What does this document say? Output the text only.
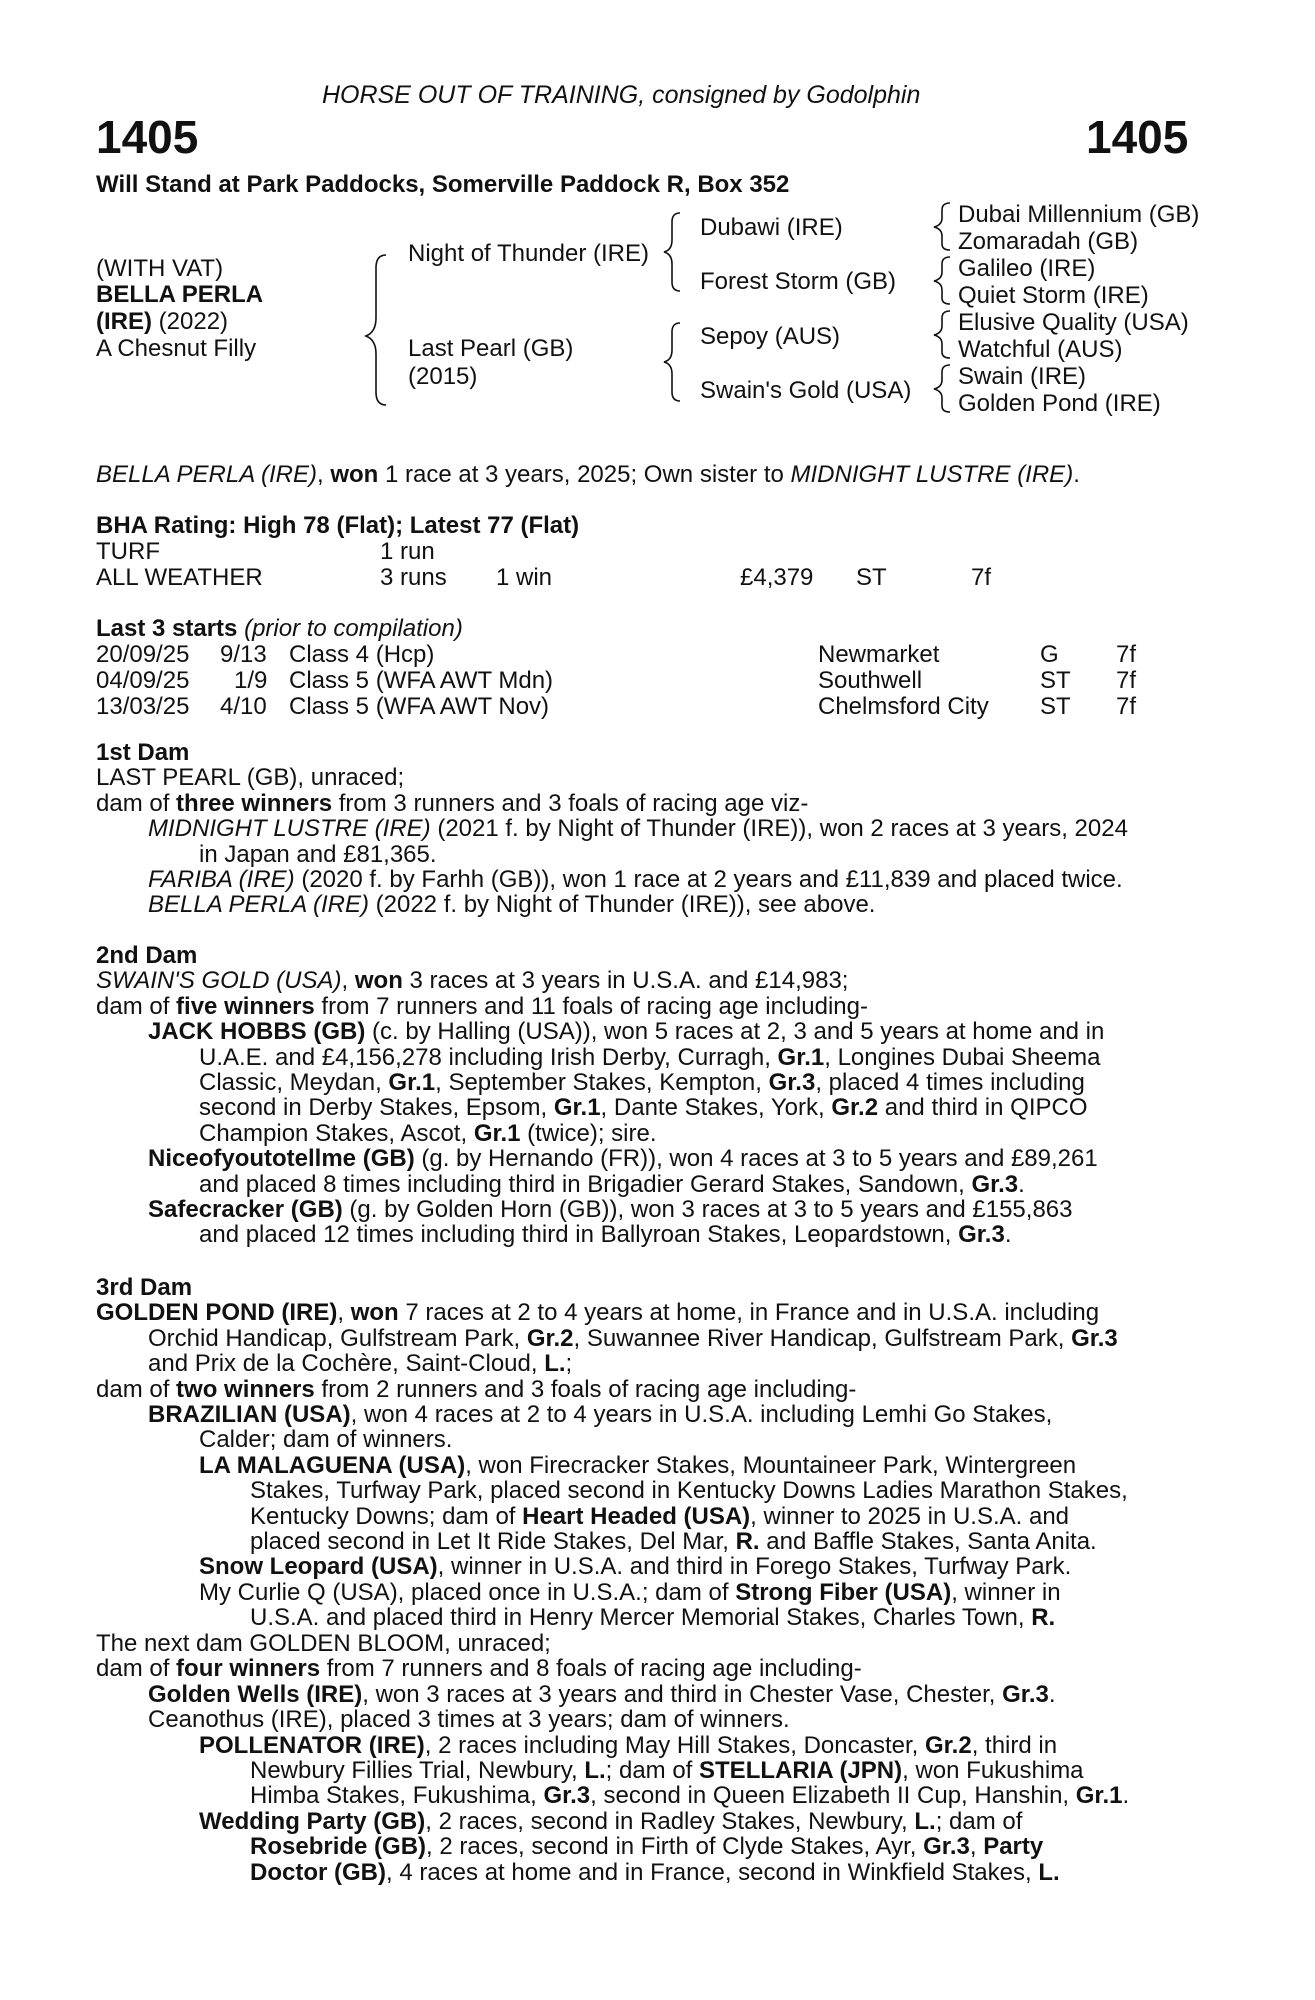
HORSE OUT OF TRAINING, consigned by Godolphin
1405	1405
Will Stand at Park Paddocks, Somerville Paddock R, Box 352
(WITH VAT)
BELLA PERLA
(IRE) (2022)
A Chesnut Filly
Night of Thunder (IRE)
Last Pearl (GB)
(2015)
Dubawi (IRE)
Forest Storm (GB)
Sepoy (AUS)
Swain's Gold (USA)
Dubai Millennium (GB)
Zomaradah (GB)
Galileo (IRE)
Quiet Storm (IRE)
Elusive Quality (USA)
Watchful (AUS)
Swain (IRE)
Golden Pond (IRE)
BELLA PERLA (IRE), won 1 race at 3 years, 2025; Own sister to MIDNIGHT LUSTRE (IRE).
BHA Rating: High 78 (Flat); Latest 77 (Flat)
TURF	1 run
ALL WEATHER	3 runs 1 win	£4,379 ST	7f
Last 3 starts (prior to compilation)
20/09/25 9/13 Class 4 (Hcp)	Newmarket	G 7f
04/09/25 1/9 Class 5 (WFA AWT Mdn)	Southwell	ST 7f
13/03/25 4/10 Class 5 (WFA AWT Nov)	Chelmsford City ST 7f
1st Dam
LAST PEARL (GB), unraced;
dam of three winners from 3 runners and 3 foals of racing age viz-
MIDNIGHT LUSTRE (IRE) (2021 f. by Night of Thunder (IRE)), won 2 races at 3 years, 2024
in Japan and £81,365.
FARIBA (IRE) (2020 f. by Farhh (GB)), won 1 race at 2 years and £11,839 and placed twice.
BELLA PERLA (IRE) (2022 f. by Night of Thunder (IRE)), see above.
2nd Dam
SWAIN'S GOLD (USA), won 3 races at 3 years in U.S.A. and £14,983;
dam of five winners from 7 runners and 11 foals of racing age including-
JACK HOBBS (GB) (c. by Halling (USA)), won 5 races at 2, 3 and 5 years at home and in
U.A.E. and £4,156,278 including Irish Derby, Curragh, Gr.1, Longines Dubai Sheema
Classic, Meydan, Gr.1, September Stakes, Kempton, Gr.3, placed 4 times including
second in Derby Stakes, Epsom, Gr.1, Dante Stakes, York, Gr.2 and third in QIPCO
Champion Stakes, Ascot, Gr.1 (twice); sire.
Niceofyoutotellme (GB) (g. by Hernando (FR)), won 4 races at 3 to 5 years and £89,261
and placed 8 times including third in Brigadier Gerard Stakes, Sandown, Gr.3.
Safecracker (GB) (g. by Golden Horn (GB)), won 3 races at 3 to 5 years and £155,863
and placed 12 times including third in Ballyroan Stakes, Leopardstown, Gr.3.
3rd Dam
GOLDEN POND (IRE), won 7 races at 2 to 4 years at home, in France and in U.S.A. including
Orchid Handicap, Gulfstream Park, Gr.2, Suwannee River Handicap, Gulfstream Park, Gr.3
and Prix de la Cochère, Saint-Cloud, L.;
dam of two winners from 2 runners and 3 foals of racing age including-
BRAZILIAN (USA), won 4 races at 2 to 4 years in U.S.A. including Lemhi Go Stakes,
Calder; dam of winners.
LA MALAGUENA (USA), won Firecracker Stakes, Mountaineer Park, Wintergreen
Stakes, Turfway Park, placed second in Kentucky Downs Ladies Marathon Stakes,
Kentucky Downs; dam of Heart Headed (USA), winner to 2025 in U.S.A. and
placed second in Let It Ride Stakes, Del Mar, R. and Baffle Stakes, Santa Anita.
Snow Leopard (USA), winner in U.S.A. and third in Forego Stakes, Turfway Park.
My Curlie Q (USA), placed once in U.S.A.; dam of Strong Fiber (USA), winner in
U.S.A. and placed third in Henry Mercer Memorial Stakes, Charles Town, R.
The next dam GOLDEN BLOOM, unraced;
dam of four winners from 7 runners and 8 foals of racing age including-
Golden Wells (IRE), won 3 races at 3 years and third in Chester Vase, Chester, Gr.3.
Ceanothus (IRE), placed 3 times at 3 years; dam of winners.
POLLENATOR (IRE), 2 races including May Hill Stakes, Doncaster, Gr.2, third in
Newbury Fillies Trial, Newbury, L.; dam of STELLARIA (JPN), won Fukushima
Himba Stakes, Fukushima, Gr.3, second in Queen Elizabeth II Cup, Hanshin, Gr.1.
Wedding Party (GB), 2 races, second in Radley Stakes, Newbury, L.; dam of
Rosebride (GB), 2 races, second in Firth of Clyde Stakes, Ayr, Gr.3, Party
Doctor (GB), 4 races at home and in France, second in Winkfield Stakes, L.
